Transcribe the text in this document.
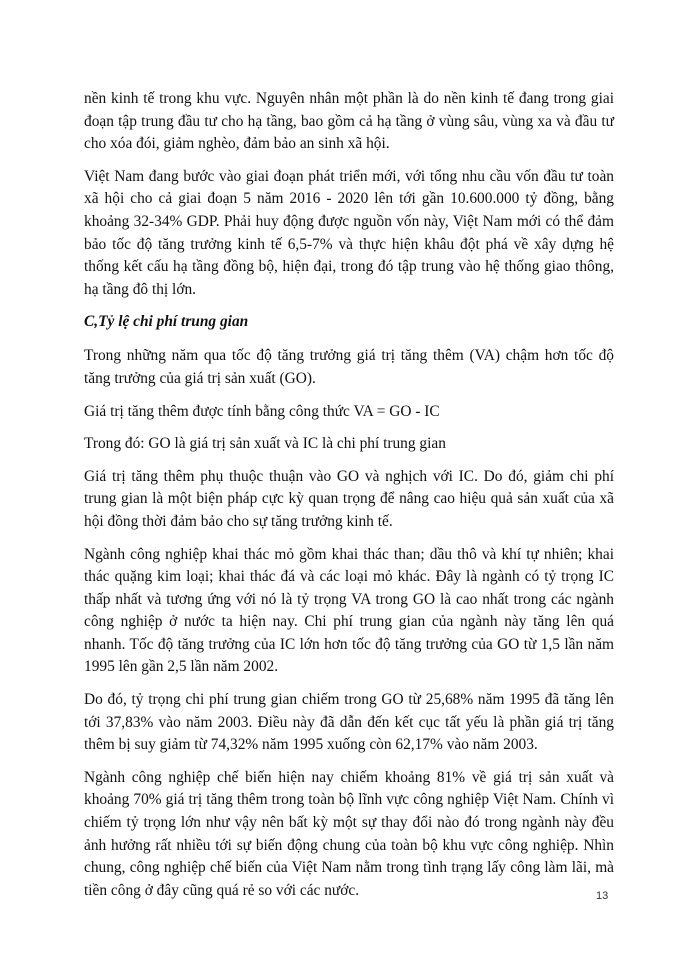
nền kinh tế trong khu vực. Nguyên nhân một phần là do nền kinh tế đang trong giai đoạn tập trung đầu tư cho hạ tầng, bao gồm cả hạ tầng ở vùng sâu, vùng xa và đầu tư cho xóa đói, giảm nghèo, đảm bảo an sinh xã hội.

Việt Nam đang bước vào giai đoạn phát triển mới, với tổng nhu cầu vốn đầu tư toàn xã hội cho cả giai đoạn 5 năm 2016 - 2020 lên tới gần 10.600.000 tỷ đồng, bằng khoảng 32-34% GDP. Phải huy động được nguồn vốn này, Việt Nam mới có thể đảm bảo tốc độ tăng trưởng kinh tế 6,5-7% và thực hiện khâu đột phá về xây dựng hệ thống kết cấu hạ tầng đồng bộ, hiện đại, trong đó tập trung vào hệ thống giao thông, hạ tầng đô thị lớn.

C,Tỷ lệ chi phí trung gian

Trong những năm qua tốc độ tăng trưởng giá trị tăng thêm (VA) chậm hơn tốc độ tăng trưởng của giá trị sản xuất (GO).

Giá trị tăng thêm được tính bằng công thức VA = GO - IC

Trong đó: GO là giá trị sản xuất và IC là chi phí trung gian

Giá trị tăng thêm phụ thuộc thuận vào GO và nghịch với IC. Do đó, giảm chi phí trung gian là một biện pháp cực kỳ quan trọng để nâng cao hiệu quả sản xuất của xã hội đồng thời đảm bảo cho sự tăng trưởng kinh tế.

Ngành công nghiệp khai thác mỏ gồm khai thác than; dầu thô và khí tự nhiên; khai thác quặng kim loại; khai thác đá và các loại mỏ khác. Đây là ngành có tỷ trọng IC thấp nhất và tương ứng với nó là tỷ trọng VA trong GO là cao nhất trong các ngành công nghiệp ở nước ta hiện nay. Chi phí trung gian của ngành này tăng lên quá nhanh. Tốc độ tăng trưởng của IC lớn hơn tốc độ tăng trưởng của GO từ 1,5 lần năm 1995 lên gần 2,5 lần năm 2002.

Do đó, tỷ trọng chi phí trung gian chiếm trong GO từ 25,68% năm 1995 đã tăng lên tới 37,83% vào năm 2003. Điều này đã dẫn đến kết cục tất yếu là phần giá trị tăng thêm bị suy giảm từ 74,32% năm 1995 xuống còn 62,17% vào năm 2003.

Ngành công nghiệp chế biến hiện nay chiếm khoảng 81% về giá trị sản xuất và khoảng 70% giá trị tăng thêm trong toàn bộ lĩnh vực công nghiệp Việt Nam. Chính vì chiếm tỷ trọng lớn như vậy nên bất kỳ một sự thay đổi nào đó trong ngành này đều ảnh hưởng rất nhiều tới sự biến động chung của toàn bộ khu vực công nghiệp. Nhìn chung, công nghiệp chế biến của Việt Nam nằm trong tình trạng lấy công làm lãi, mà tiền công ở đây cũng quá rẻ so với các nước.	13
